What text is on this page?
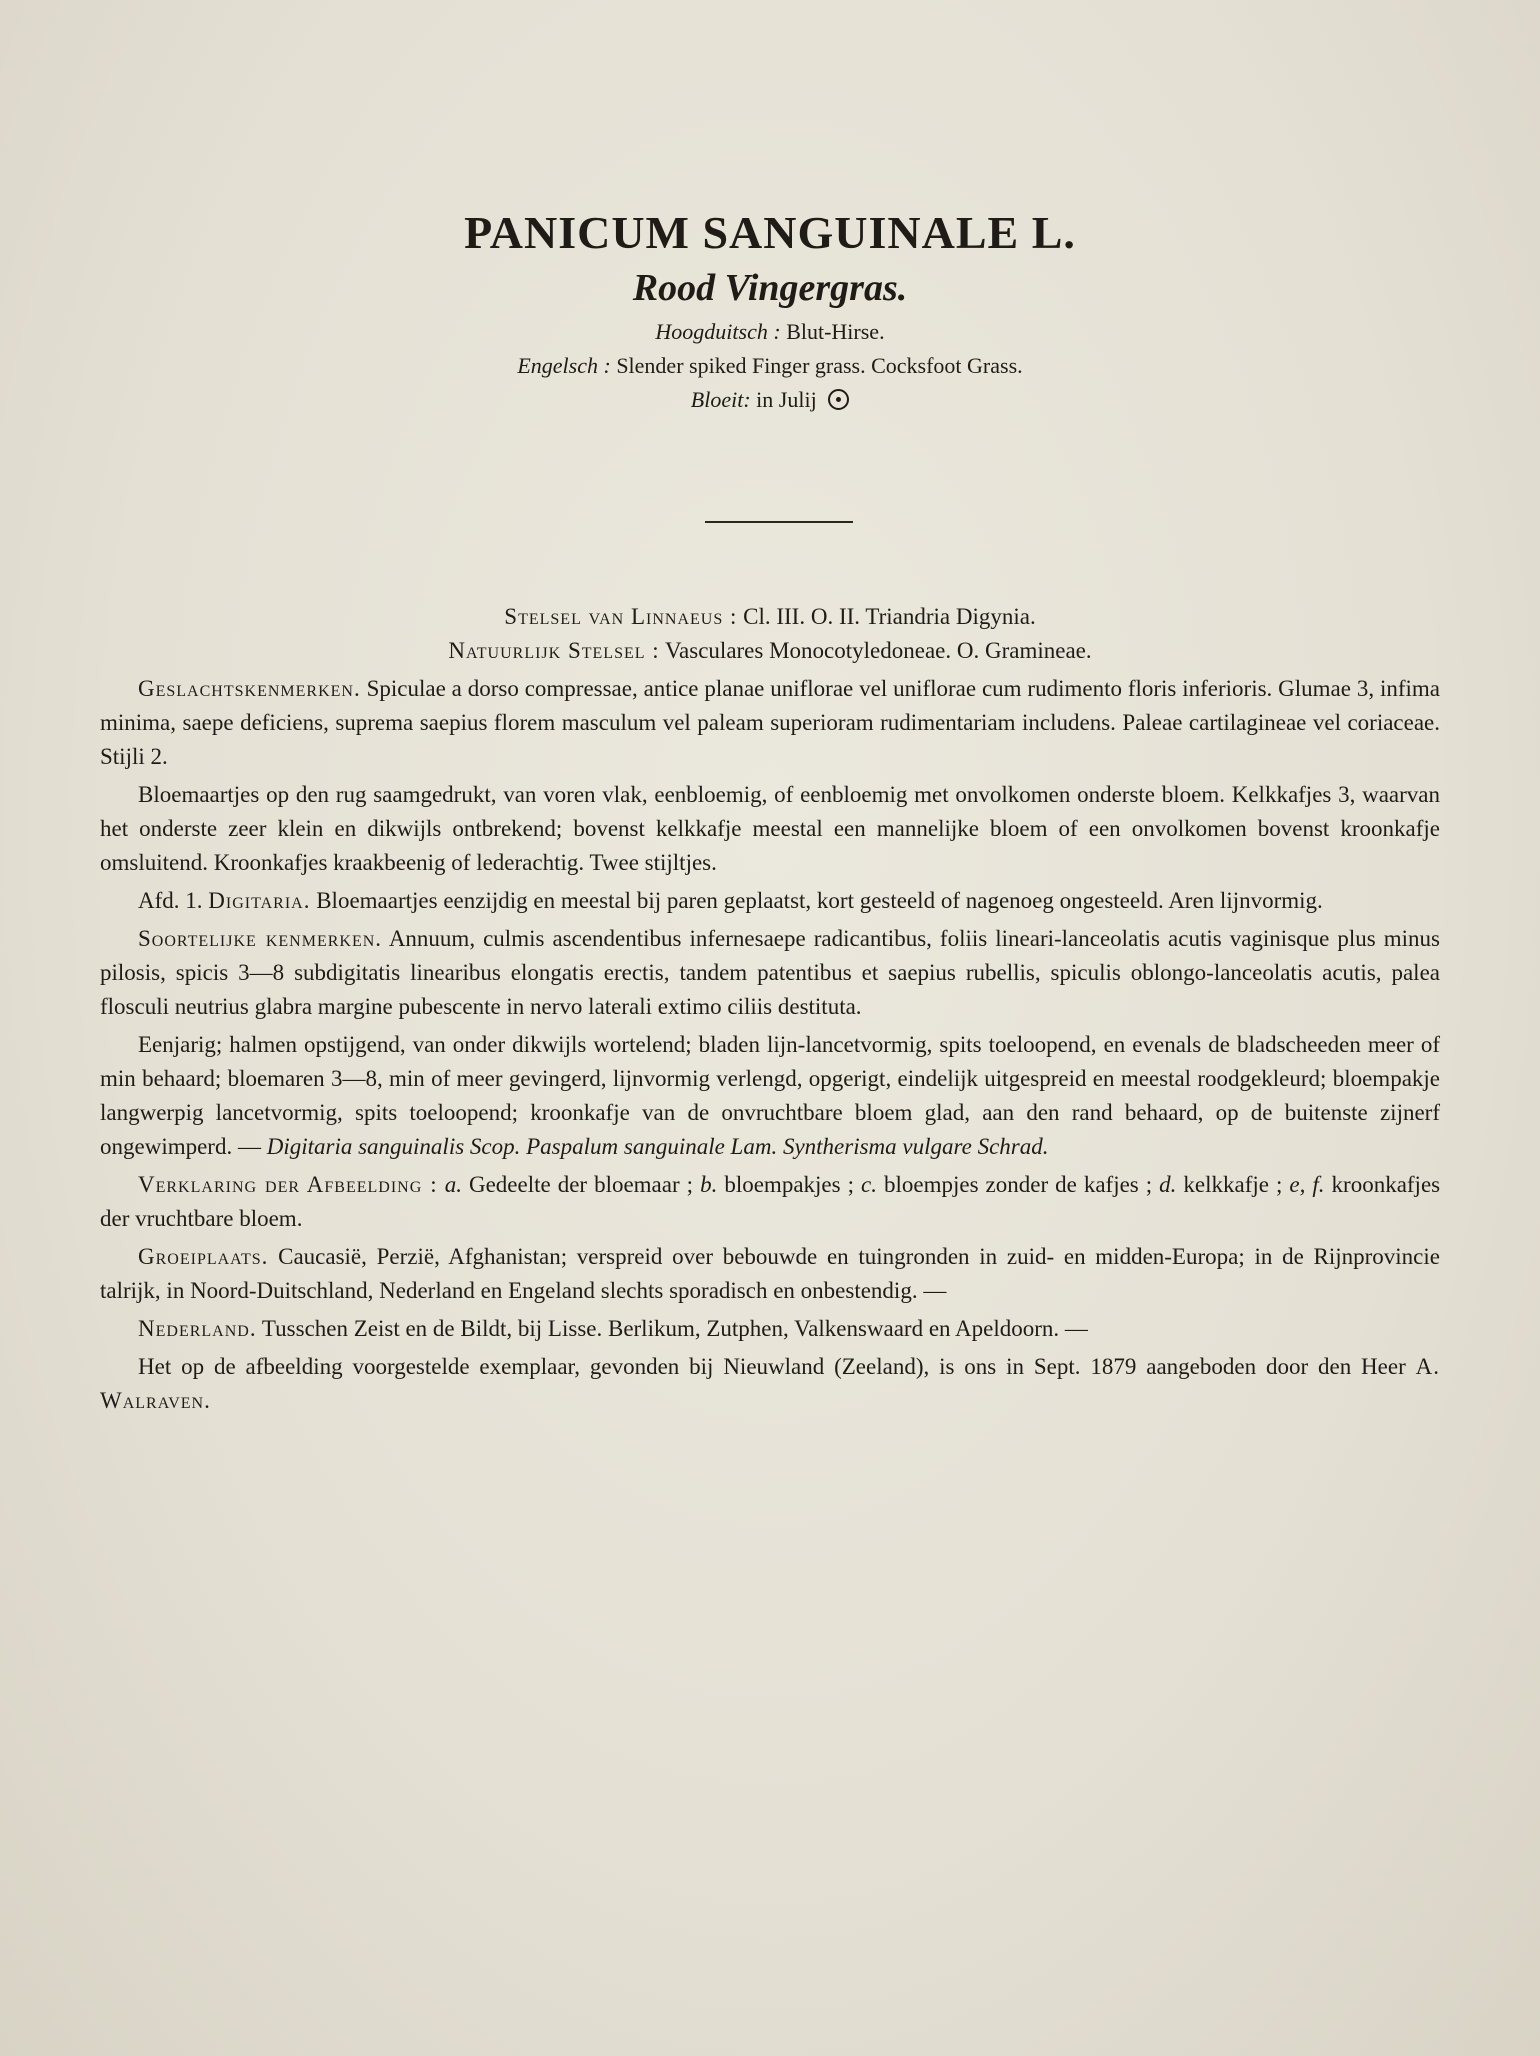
PANICUM SANGUINALE L.

Rood Vingergras.

Hoogduitsch : Blut-Hirse.

Engelsch : Slender spiked Finger grass. Cocksfoot Grass.

Bloeit: in Julij

Stelsel van Linnaeus : Cl. III. O. II. Triandria Digynia.

Natuurlijk Stelsel : Vasculares Monocotyledoneae. O. Gramineae.

Geslachtskenmerken. Spiculae a dorso compressae, antice planae uniflorae vel uniflorae cum rudimento floris inferioris. Glumae 3, infima minima, saepe deficiens, suprema saepius florem masculum vel paleam superioram rudimentariam includens. Paleae cartilagineae vel coriaceae. Stijli 2.

Bloemaartjes op den rug saamgedrukt, van voren vlak, eenbloemig, of eenbloemig met onvolkomen onderste bloem. Kelkkafjes 3, waarvan het onderste zeer klein en dikwijls ontbrekend; bovenst kelkkafje meestal een mannelijke bloem of een onvolkomen bovenst kroonkafje omsluitend. Kroonkafjes kraakbeenig of lederachtig. Twee stijltjes.

Afd. 1. Digitaria. Bloemaartjes eenzijdig en meestal bij paren geplaatst, kort gesteeld of nagenoeg ongesteeld. Aren lijnvormig.

Soortelijke kenmerken. Annuum, culmis ascendentibus infernesaepe radicantibus, foliis lineari-lanceolatis acutis vaginisque plus minus pilosis, spicis 3—8 subdigitatis linearibus elongatis erectis, tandem patentibus et saepius rubellis, spiculis oblongo-lanceolatis acutis, palea flosculi neutrius glabra margine pubescente in nervo laterali extimo ciliis destituta.

Eenjarig; halmen opstijgend, van onder dikwijls wortelend; bladen lijn-lancetvormig, spits toeloopend, en evenals de bladscheeden meer of min behaard; bloemaren 3—8, min of meer gevingerd, lijnvormig verlengd, opgerigt, eindelijk uitgespreid en meestal roodgekleurd; bloempakje langwerpig lancetvormig, spits toeloopend; kroonkafje van de onvruchtbare bloem glad, aan den rand behaard, op de buitenste zijnerf ongewimperd. — Digitaria sanguinalis Scop. Paspalum sanguinale Lam. Syntherisma vulgare Schrad.

Verklaring der Afbeelding : a. Gedeelte der bloemaar ; b. bloempakjes ; c. bloempjes zonder de kafjes ; d. kelkkafje ; e, f. kroonkafjes der vruchtbare bloem.

Groeiplaats. Caucasië, Perzië, Afghanistan; verspreid over bebouwde en tuingronden in zuid- en midden-Europa; in de Rijnprovincie talrijk, in Noord-Duitschland, Nederland en Engeland slechts sporadisch en onbestendig. —

Nederland. Tusschen Zeist en de Bildt, bij Lisse. Berlikum, Zutphen, Valkenswaard en Apeldoorn. —

Het op de afbeelding voorgestelde exemplaar, gevonden bij Nieuwland (Zeeland), is ons in Sept. 1879 aangeboden door den Heer A. Walraven.
